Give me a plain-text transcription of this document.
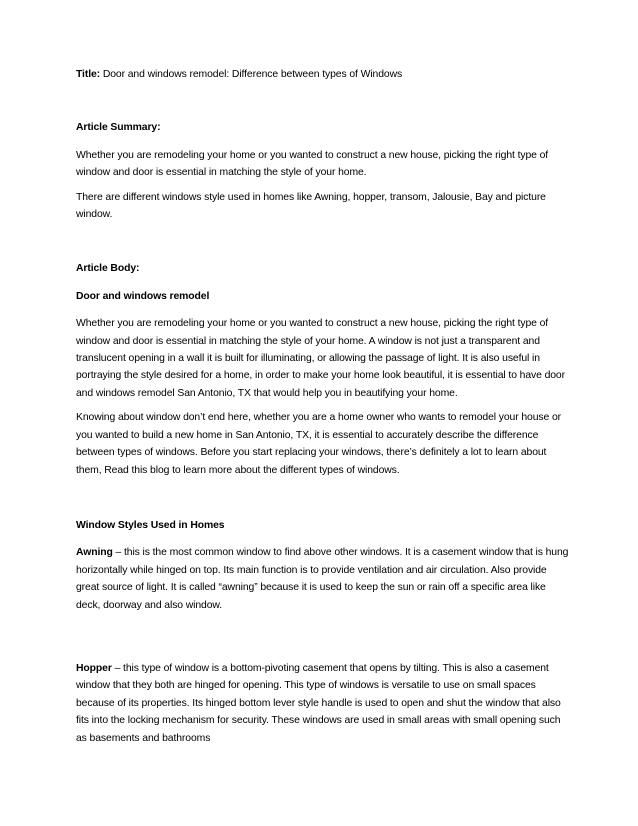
Title: Door and windows remodel: Difference between types of Windows

Article Summary:

Whether you are remodeling your home or you wanted to construct a new house, picking the right type of window and door is essential in matching the style of your home.

There are different windows style used in homes like Awning, hopper, transom, Jalousie, Bay and picture window.

Article Body:

Door and windows remodel

Whether you are remodeling your home or you wanted to construct a new house, picking the right type of window and door is essential in matching the style of your home. A window is not just a transparent and translucent opening in a wall it is built for illuminating, or allowing the passage of light. It is also useful in portraying the style desired for a home, in order to make your home look beautiful, it is essential to have door and windows remodel San Antonio, TX that would help you in beautifying your home.

Knowing about window don’t end here, whether you are a home owner who wants to remodel your house or you wanted to build a new home in San Antonio, TX, it is essential to accurately describe the difference between types of windows. Before you start replacing your windows, there’s definitely a lot to learn about them, Read this blog to learn more about the different types of windows.

Window Styles Used in Homes

Awning – this is the most common window to find above other windows. It is a casement window that is hung horizontally while hinged on top. Its main function is to provide ventilation and air circulation. Also provide great source of light. It is called “awning” because it is used to keep the sun or rain off a specific area like deck, doorway and also window.

Hopper – this type of window is a bottom-pivoting casement that opens by tilting. This is also a casement window that they both are hinged for opening. This type of windows is versatile to use on small spaces because of its properties. Its hinged bottom lever style handle is used to open and shut the window that also fits into the locking mechanism for security. These windows are used in small areas with small opening such as basements and bathrooms
